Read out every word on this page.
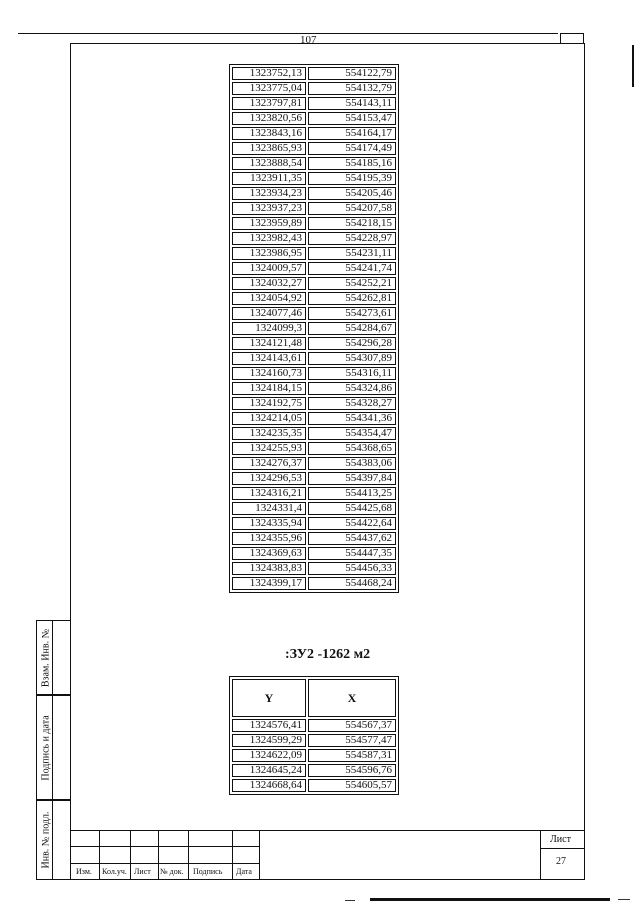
107
Взам. Инв. №
Подпись и дата
Инв. № подл.
1323752,13	554122,79
1323775,04	554132,79
1323797,81	554143,11
1323820,56	554153,47
1323843,16	554164,17
1323865,93	554174,49
1323888,54	554185,16
1323911,35	554195,39
1323934,23	554205,46
1323937,23	554207,58
1323959,89	554218,15
1323982,43	554228,97
1323986,95	554231,11
1324009,57	554241,74
1324032,27	554252,21
1324054,92	554262,81
1324077,46	554273,61
1324099,3	554284,67
1324121,48	554296,28
1324143,61	554307,89
1324160,73	554316,11
1324184,15	554324,86
1324192,75	554328,27
1324214,05	554341,36
1324235,35	554354,47
1324255,93	554368,65
1324276,37	554383,06
1324296,53	554397,84
1324316,21	554413,25
1324331,4	554425,68
1324335,94	554422,64
1324355,96	554437,62
1324369,63	554447,35
1324383,83	554456,33
1324399,17	554468,24
:ЗУ2 -1262 м2
Y	X
1324576,41	554567,37
1324599,29	554577,47
1324622,09	554587,31
1324645,24	554596,76
1324668,64	554605,57
Изм. Кол.уч. Лист № док. Подпись Дата
Лист
27
